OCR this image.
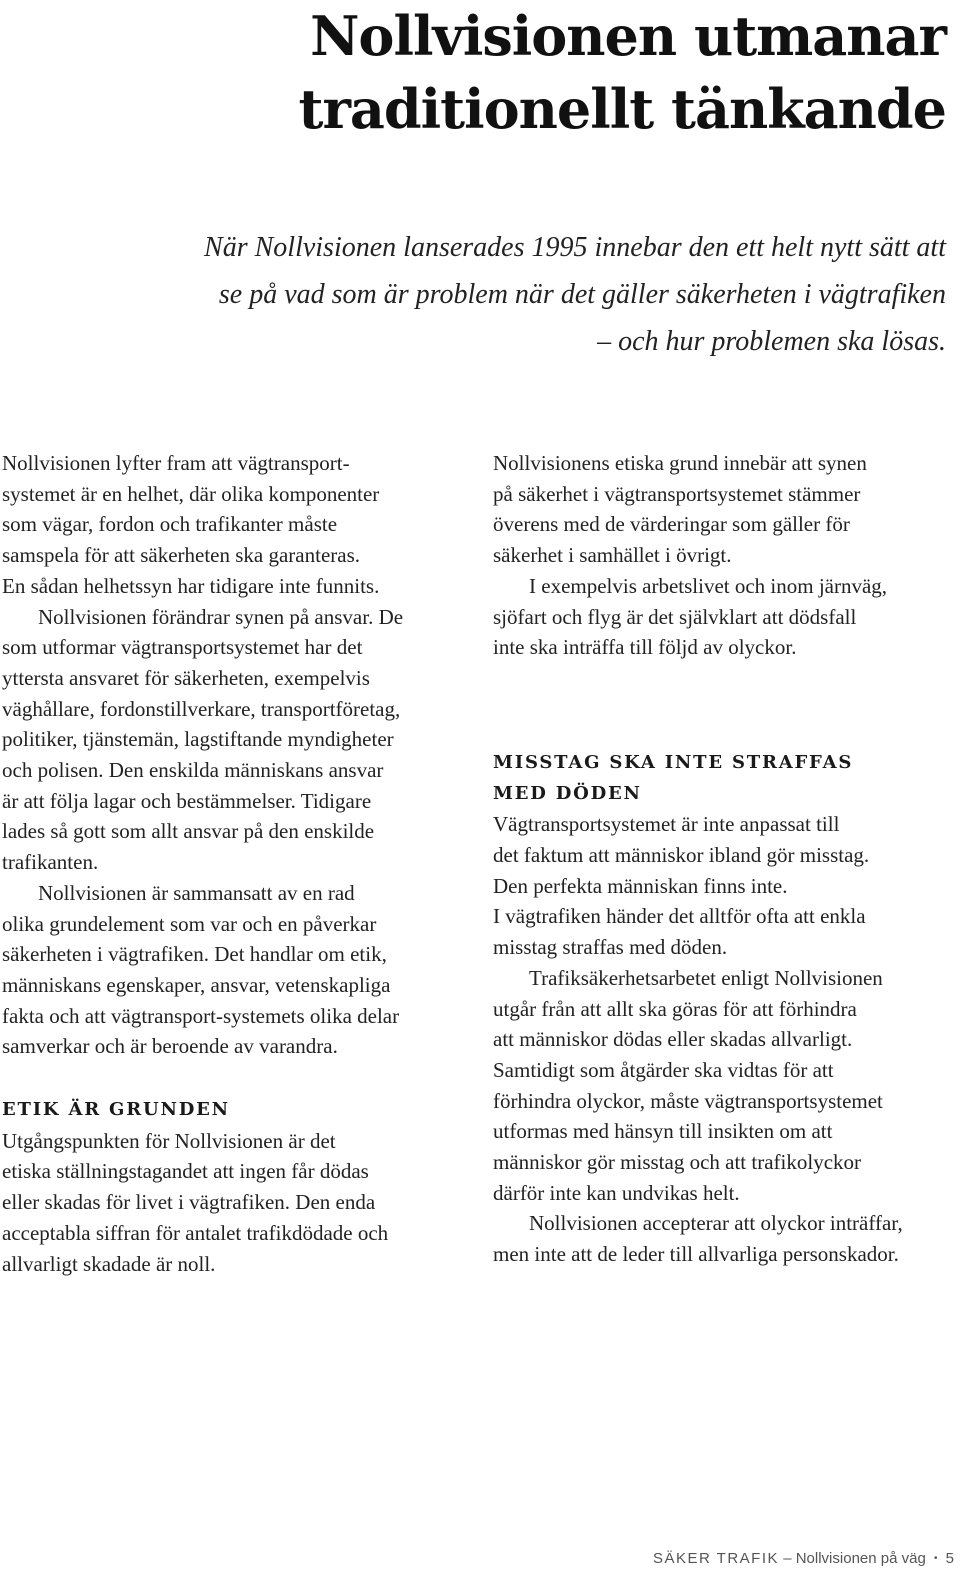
Nollvisionen utmanar
traditionellt tänkande

När Nollvisionen lanserades 1995 innebar den ett helt nytt sätt att
se på vad som är problem när det gäller säkerheten i vägtrafiken
– och hur problemen ska lösas.

Nollvisionen lyfter fram att vägtransport-
systemet är en helhet, där olika komponenter
som vägar, fordon och trafikanter måste
samspela för att säkerheten ska garanteras.
En sådan helhetssyn har tidigare inte funnits.
Nollvisionen förändrar synen på ansvar. De
som utformar vägtransportsystemet har det
yttersta ansvaret för säkerheten, exempelvis
väghållare, fordonstillverkare, transportföretag,
politiker, tjänstemän, lagstiftande myndigheter
och polisen. Den enskilda människans ansvar
är att följa lagar och bestämmelser. Tidigare
lades så gott som allt ansvar på den enskilde
trafikanten.
Nollvisionen är sammansatt av en rad
olika grundelement som var och en påverkar
säkerheten i vägtrafiken. Det handlar om etik,
människans egenskaper, ansvar, vetenskapliga
fakta och att vägtransport-systemets olika delar
samverkar och är beroende av varandra.
ETIK ÄR GRUNDEN
Utgångspunkten för Nollvisionen är det
etiska ställningstagandet att ingen får dödas
eller skadas för livet i vägtrafiken. Den enda
acceptabla siffran för antalet trafikdödade och
allvarligt skadade är noll.
Nollvisionens etiska grund innebär att synen
på säkerhet i vägtransportsystemet stämmer
överens med de värderingar som gäller för
säkerhet i samhället i övrigt.
I exempelvis arbetslivet och inom järnväg,
sjöfart och flyg är det självklart att dödsfall
inte ska inträffa till följd av olyckor.
MISSTAG SKA INTE STRAFFAS
MED DÖDEN
Vägtransportsystemet är inte anpassat till
det faktum att människor ibland gör misstag.
Den perfekta människan finns inte.
I vägtrafiken händer det alltför ofta att enkla
misstag straffas med döden.
Trafiksäkerhetsarbetet enligt Nollvisionen
utgår från att allt ska göras för att förhindra
att människor dödas eller skadas allvarligt.
Samtidigt som åtgärder ska vidtas för att
förhindra olyckor, måste vägtransportsystemet
utformas med hänsyn till insikten om att
människor gör misstag och att trafikolyckor
därför inte kan undvikas helt.
Nollvisionen accepterar att olyckor inträffar,
men inte att de leder till allvarliga personskador.
SÄKER TRAFIK – Nollvisionen på väg • 5
